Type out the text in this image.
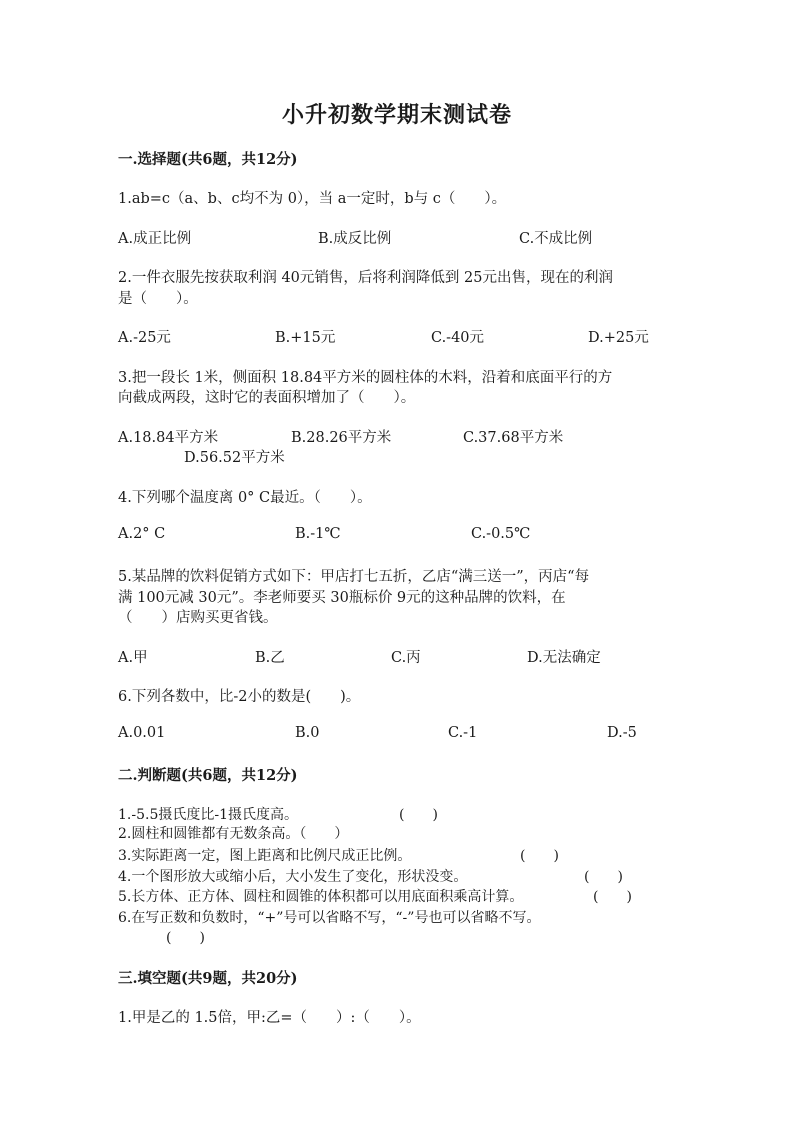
小升初数学期末测试卷
一.选择题(共6题，共12分)
1.ab=c（a、b、c均不为 0），当 a一定时，b与 c（　　）。
A.成正比例	B.成反比例	C.不成比例
2.一件衣服先按获取利润 40元销售，后将利润降低到 25元出售，现在的利润
是（　　）。
A.-25元	B.+15元	C.-40元	D.+25元
3.把一段长 1米，侧面积 18.84平方米的圆柱体的木料，沿着和底面平行的方
向截成两段，这时它的表面积增加了（　　）。
A.18.84平方米	B.28.26平方米	C.37.68平方米
D.56.52平方米
4.下列哪个温度离 0° C最近。（　　）。
A.2° C	B.-1℃	C.-0.5℃
5.某品牌的饮料促销方式如下：甲店打七五折，乙店“满三送一”，丙店“每
满 100元减 30元”。李老师要买 30瓶标价 9元的这种品牌的饮料，在
（　　）店购买更省钱。
A.甲	B.乙	C.丙	D.无法确定
6.下列各数中，比-2小的数是(　　)。
A.0.01	B.0	C.-1	D.-5
二.判断题(共6题，共12分)
1.-5.5摄氏度比-1摄氏度高。	(　　)
2.圆柱和圆锥都有无数条高。（　　）
3.实际距离一定，图上距离和比例尺成正比例。	(　　)
4.一个图形放大或缩小后，大小发生了变化，形状没变。	(　　)
5.长方体、正方体、圆柱和圆锥的体积都可以用底面积乘高计算。	(　　)
6.在写正数和负数时，“+”号可以省略不写，“-”号也可以省略不写。
(　　)
三.填空题(共9题，共20分)
1.甲是乙的 1.5倍，甲:乙=（　　）:（　　）。
